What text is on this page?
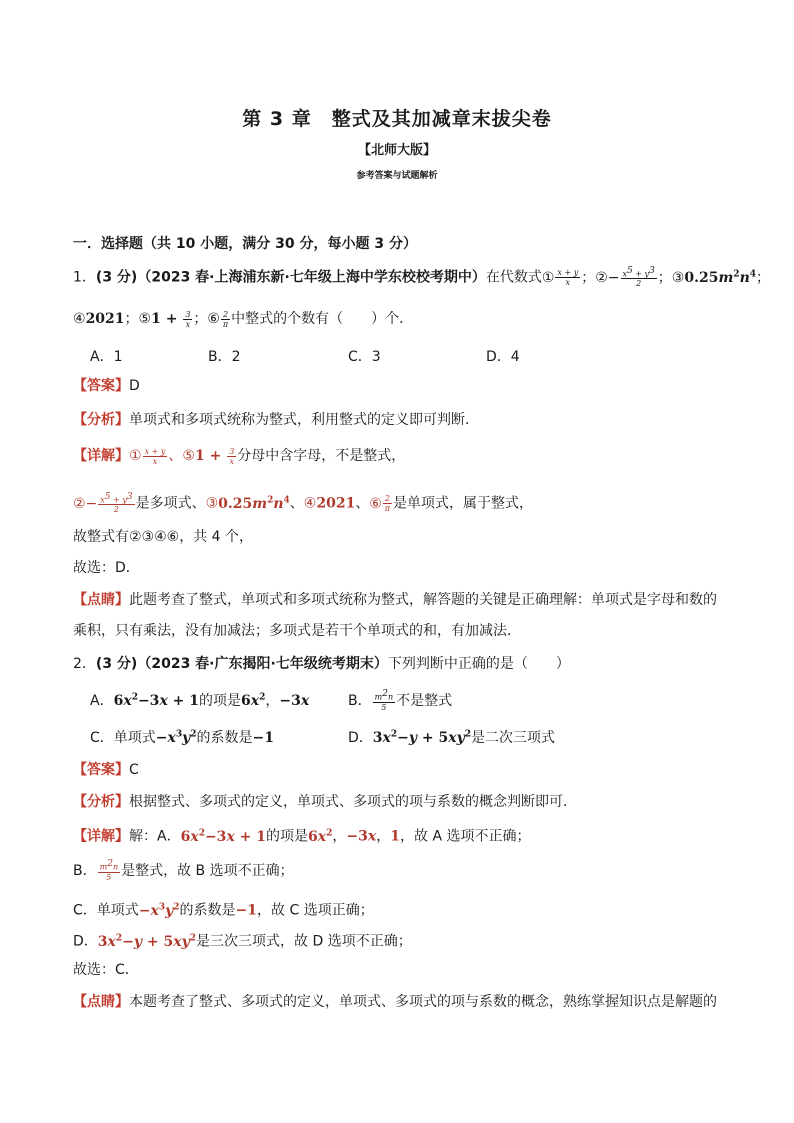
第 3 章　整式及其加减章末拔尖卷
【北师大版】
参考答案与试题解析
一．选择题（共 10 小题，满分 30 分，每小题 3 分）
1．(3 分)（2023 春·上海浦东新·七年级上海中学东校校考期中）在代数式① $\frac{x + y}{x}$ ；②− $\frac{x^5 + y^3}{2}$ ；$③0.25m^2n^4$；
④2021；⑤1 + $\frac{3}{x}$ ；⑥ $\frac{2}{\pi}$ 中整式的个数有（　　）个．
A．1	B．2	C．3	D．4
【答案】D
【分析】单项式和多项式统称为整式，利用整式的定义即可判断．
【详解】① $\frac{x + y}{x}$ 、⑤1 + $\frac{3}{x}$ 分母中含字母，不是整式，
②− $\frac{x^5 + y^3}{2}$ 是多项式、$③0.25m^2n^4$、④2021、⑥ $\frac{2}{\pi}$ 是单项式，属于整式，
故整式有②③④⑥，共 4 个，
故选：D．
【点睛】此题考查了整式，单项式和多项式统称为整式，解答题的关键是正确理解：单项式是字母和数的
乘积，只有乘法，没有加减法；多项式是若干个单项式的和，有加减法．
2．(3 分)（2023 春·广东揭阳·七年级统考期末）下列判断中正确的是（　　）
A．$6x^2-3x + 1$的项是$6x^2$，−3x	B． $\frac{m^2n}{5}$ 不是整式
C．单项式$-x^3y^2$的系数是−1	D．$3x^2-y + 5xy^2$是二次三项式
【答案】C
【分析】根据整式、多项式的定义，单项式、多项式的项与系数的概念判断即可．
【详解】解：A．$6x^2-3x + 1$的项是$6x^2$，−3x，1，故 A 选项不正确；
B． $\frac{m^2n}{5}$ 是整式，故 B 选项不正确；
C．单项式$-x^3y^2$的系数是−1，故 C 选项正确；
D．$3x^2-y + 5xy^2$是三次三项式，故 D 选项不正确；
故选：C．
【点睛】本题考查了整式、多项式的定义，单项式、多项式的项与系数的概念，熟练掌握知识点是解题的
